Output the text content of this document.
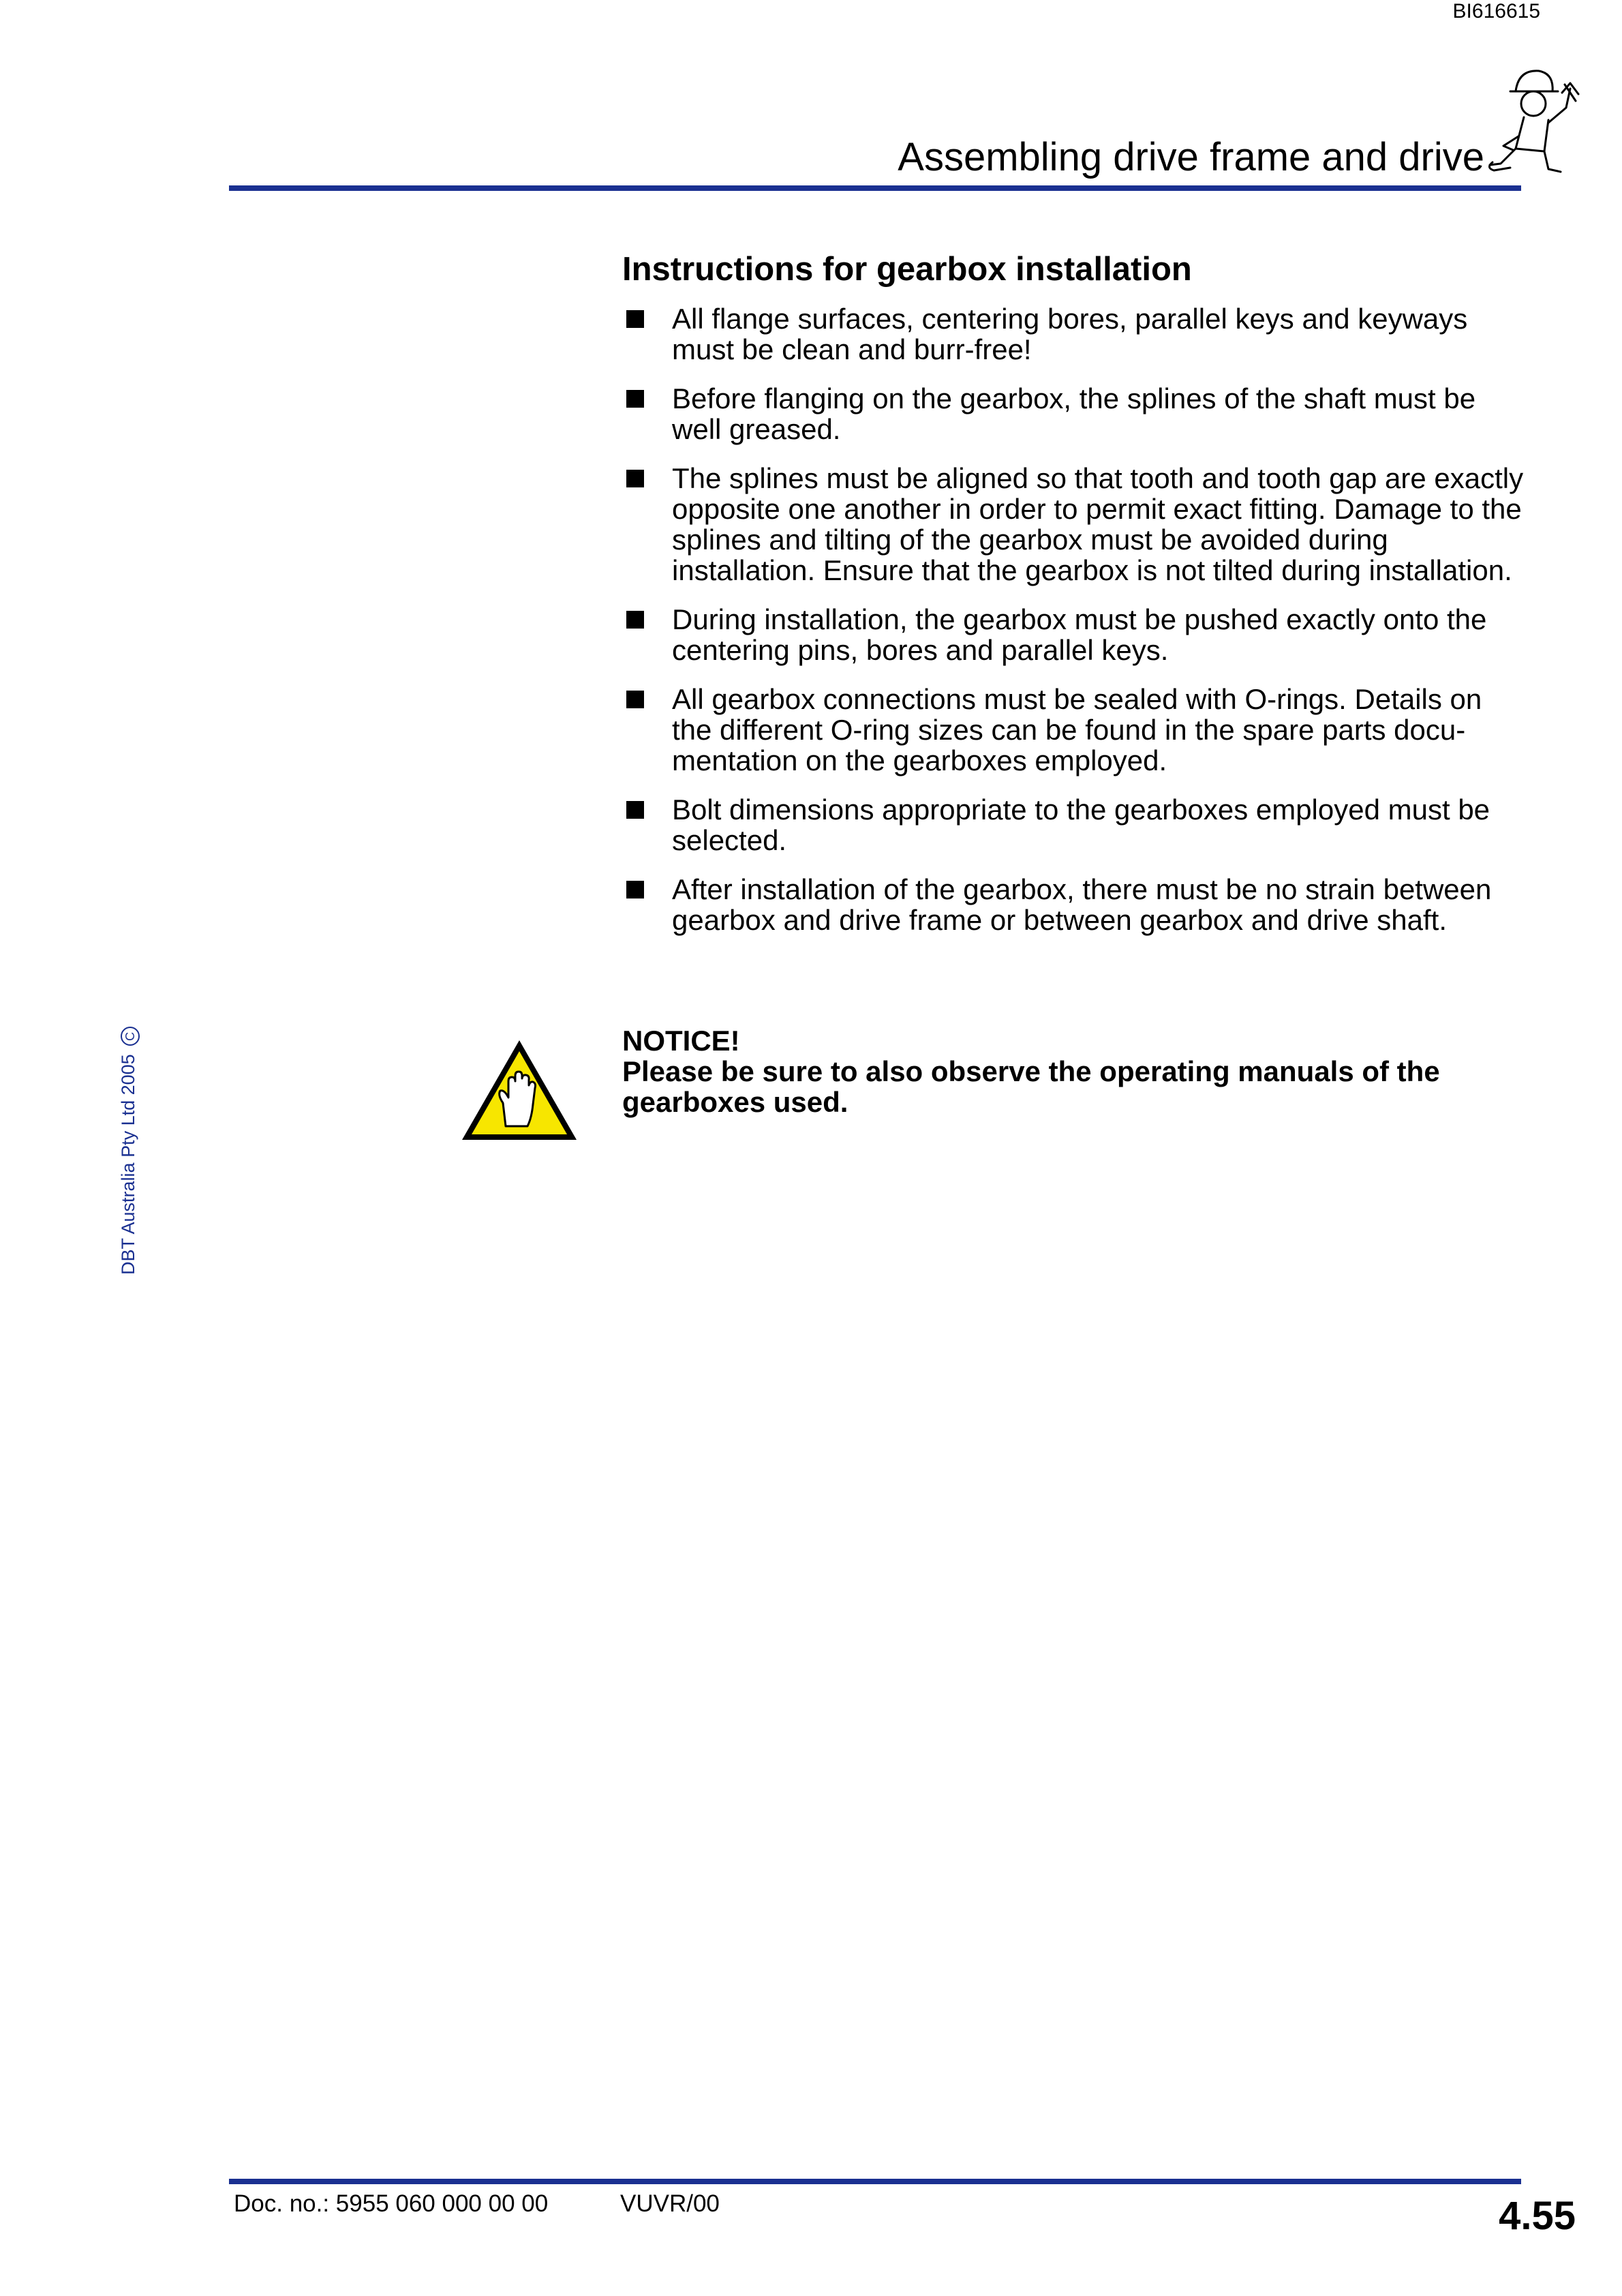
BI616615
Assembling drive frame and drive
Instructions for gearbox installation
All flange surfaces, centering bores, parallel keys and keyways must be clean and burr-free!
Before flanging on the gearbox, the splines of the shaft must be well greased.
The splines must be aligned so that tooth and tooth gap are exactly opposite one another in order to permit exact fitting. Damage to the splines and tilting of the gearbox must be avoided during installation. Ensure that the gearbox is not tilted during installation.
During installation, the gearbox must be pushed exactly onto the centering pins, bores and parallel keys.
All gearbox connections must be sealed with O-rings. Details on the different O-ring sizes can be found in the spare parts docu-mentation on the gearboxes employed.
Bolt dimensions appropriate to the gearboxes employed must be selected.
After installation of the gearbox, there must be no strain between gearbox and drive frame or between gearbox and drive shaft.
NOTICE!
Please be sure to also observe the operating manuals of the gearboxes used.
DBT Australia Pty Ltd 2005C
Doc. no.: 5955 060 000 00 00	VUVR/00	4.55
